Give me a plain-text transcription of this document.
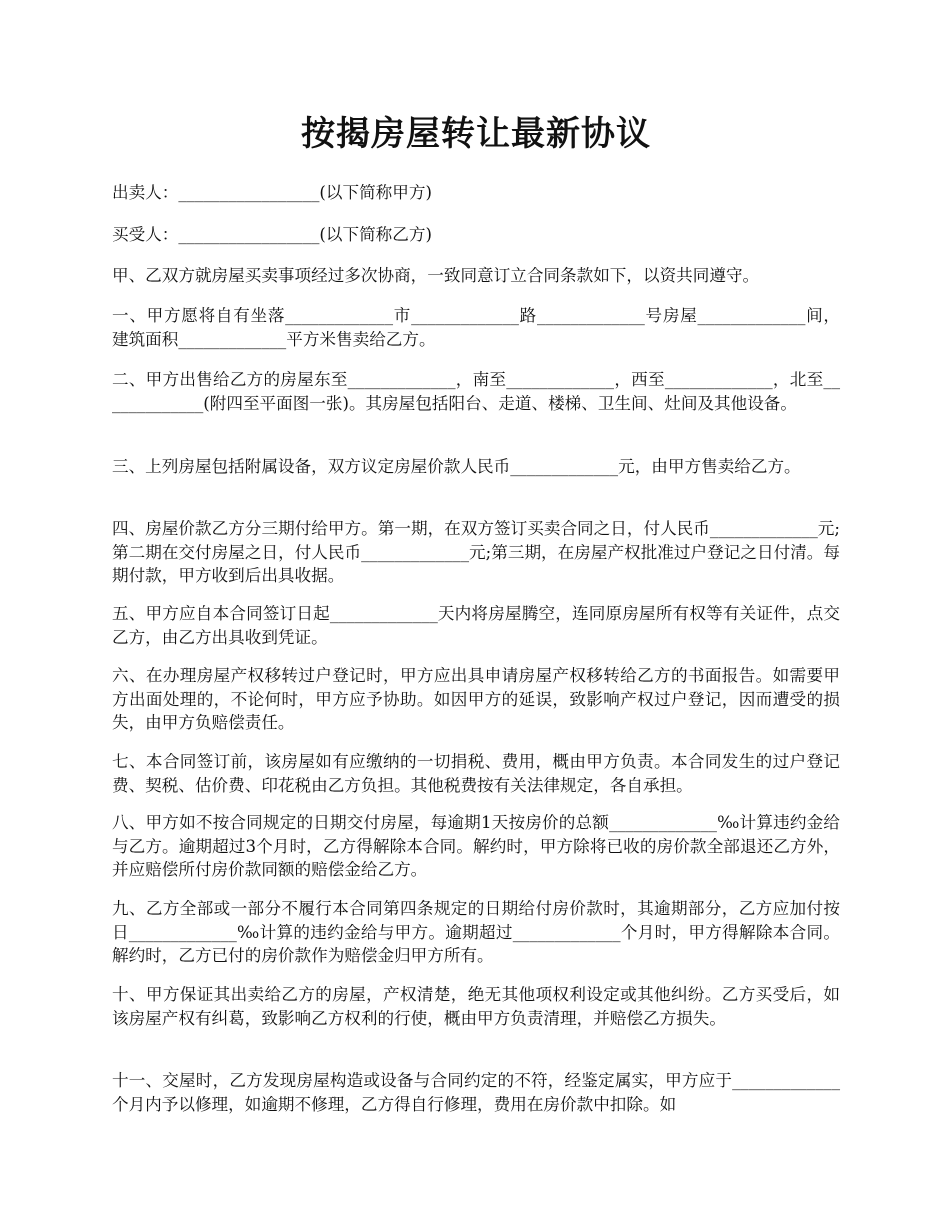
按揭房屋转让最新协议

出卖人：_________________(以下简称甲方)

买受人：_________________(以下简称乙方)

甲、乙双方就房屋买卖事项经过多次协商，一致同意订立合同条款如下，以资共同遵守。

一、甲方愿将自有坐落_____________市_____________路_____________号房屋_____________间，建筑面积_____________平方米售卖给乙方。

二、甲方出售给乙方的房屋东至_____________，南至_____________，西至_____________，北至_____________(附四至平面图一张)。其房屋包括阳台、走道、楼梯、卫生间、灶间及其他设备。

三、上列房屋包括附属设备，双方议定房屋价款人民币_____________元，由甲方售卖给乙方。

四、房屋价款乙方分三期付给甲方。第一期，在双方签订买卖合同之日，付人民币_____________元;第二期在交付房屋之日，付人民币_____________元;第三期，在房屋产权批准过户登记之日付清。每期付款，甲方收到后出具收据。

五、甲方应自本合同签订日起_____________天内将房屋腾空，连同原房屋所有权等有关证件，点交乙方，由乙方出具收到凭证。

六、在办理房屋产权移转过户登记时，甲方应出具申请房屋产权移转给乙方的书面报告。如需要甲方出面处理的，不论何时，甲方应予协助。如因甲方的延误，致影响产权过户登记，因而遭受的损失，由甲方负赔偿责任。

七、本合同签订前，该房屋如有应缴纳的一切捐税、费用，概由甲方负责。本合同发生的过户登记费、契税、估价费、印花税由乙方负担。其他税费按有关法律规定，各自承担。

八、甲方如不按合同规定的日期交付房屋，每逾期1天按房价的总额_____________‰计算违约金给与乙方。逾期超过3个月时，乙方得解除本合同。解约时，甲方除将已收的房价款全部退还乙方外，并应赔偿所付房价款同额的赔偿金给乙方。

九、乙方全部或一部分不履行本合同第四条规定的日期给付房价款时，其逾期部分，乙方应加付按日_____________‰计算的违约金给与甲方。逾期超过_____________个月时，甲方得解除本合同。解约时，乙方已付的房价款作为赔偿金归甲方所有。

十、甲方保证其出卖给乙方的房屋，产权清楚，绝无其他项权利设定或其他纠纷。乙方买受后，如该房屋产权有纠葛，致影响乙方权利的行使，概由甲方负责清理，并赔偿乙方损失。

十一、交屋时，乙方发现房屋构造或设备与合同约定的不符，经鉴定属实，甲方应于_____________个月内予以修理，如逾期不修理，乙方得自行修理，费用在房价款中扣除。如
